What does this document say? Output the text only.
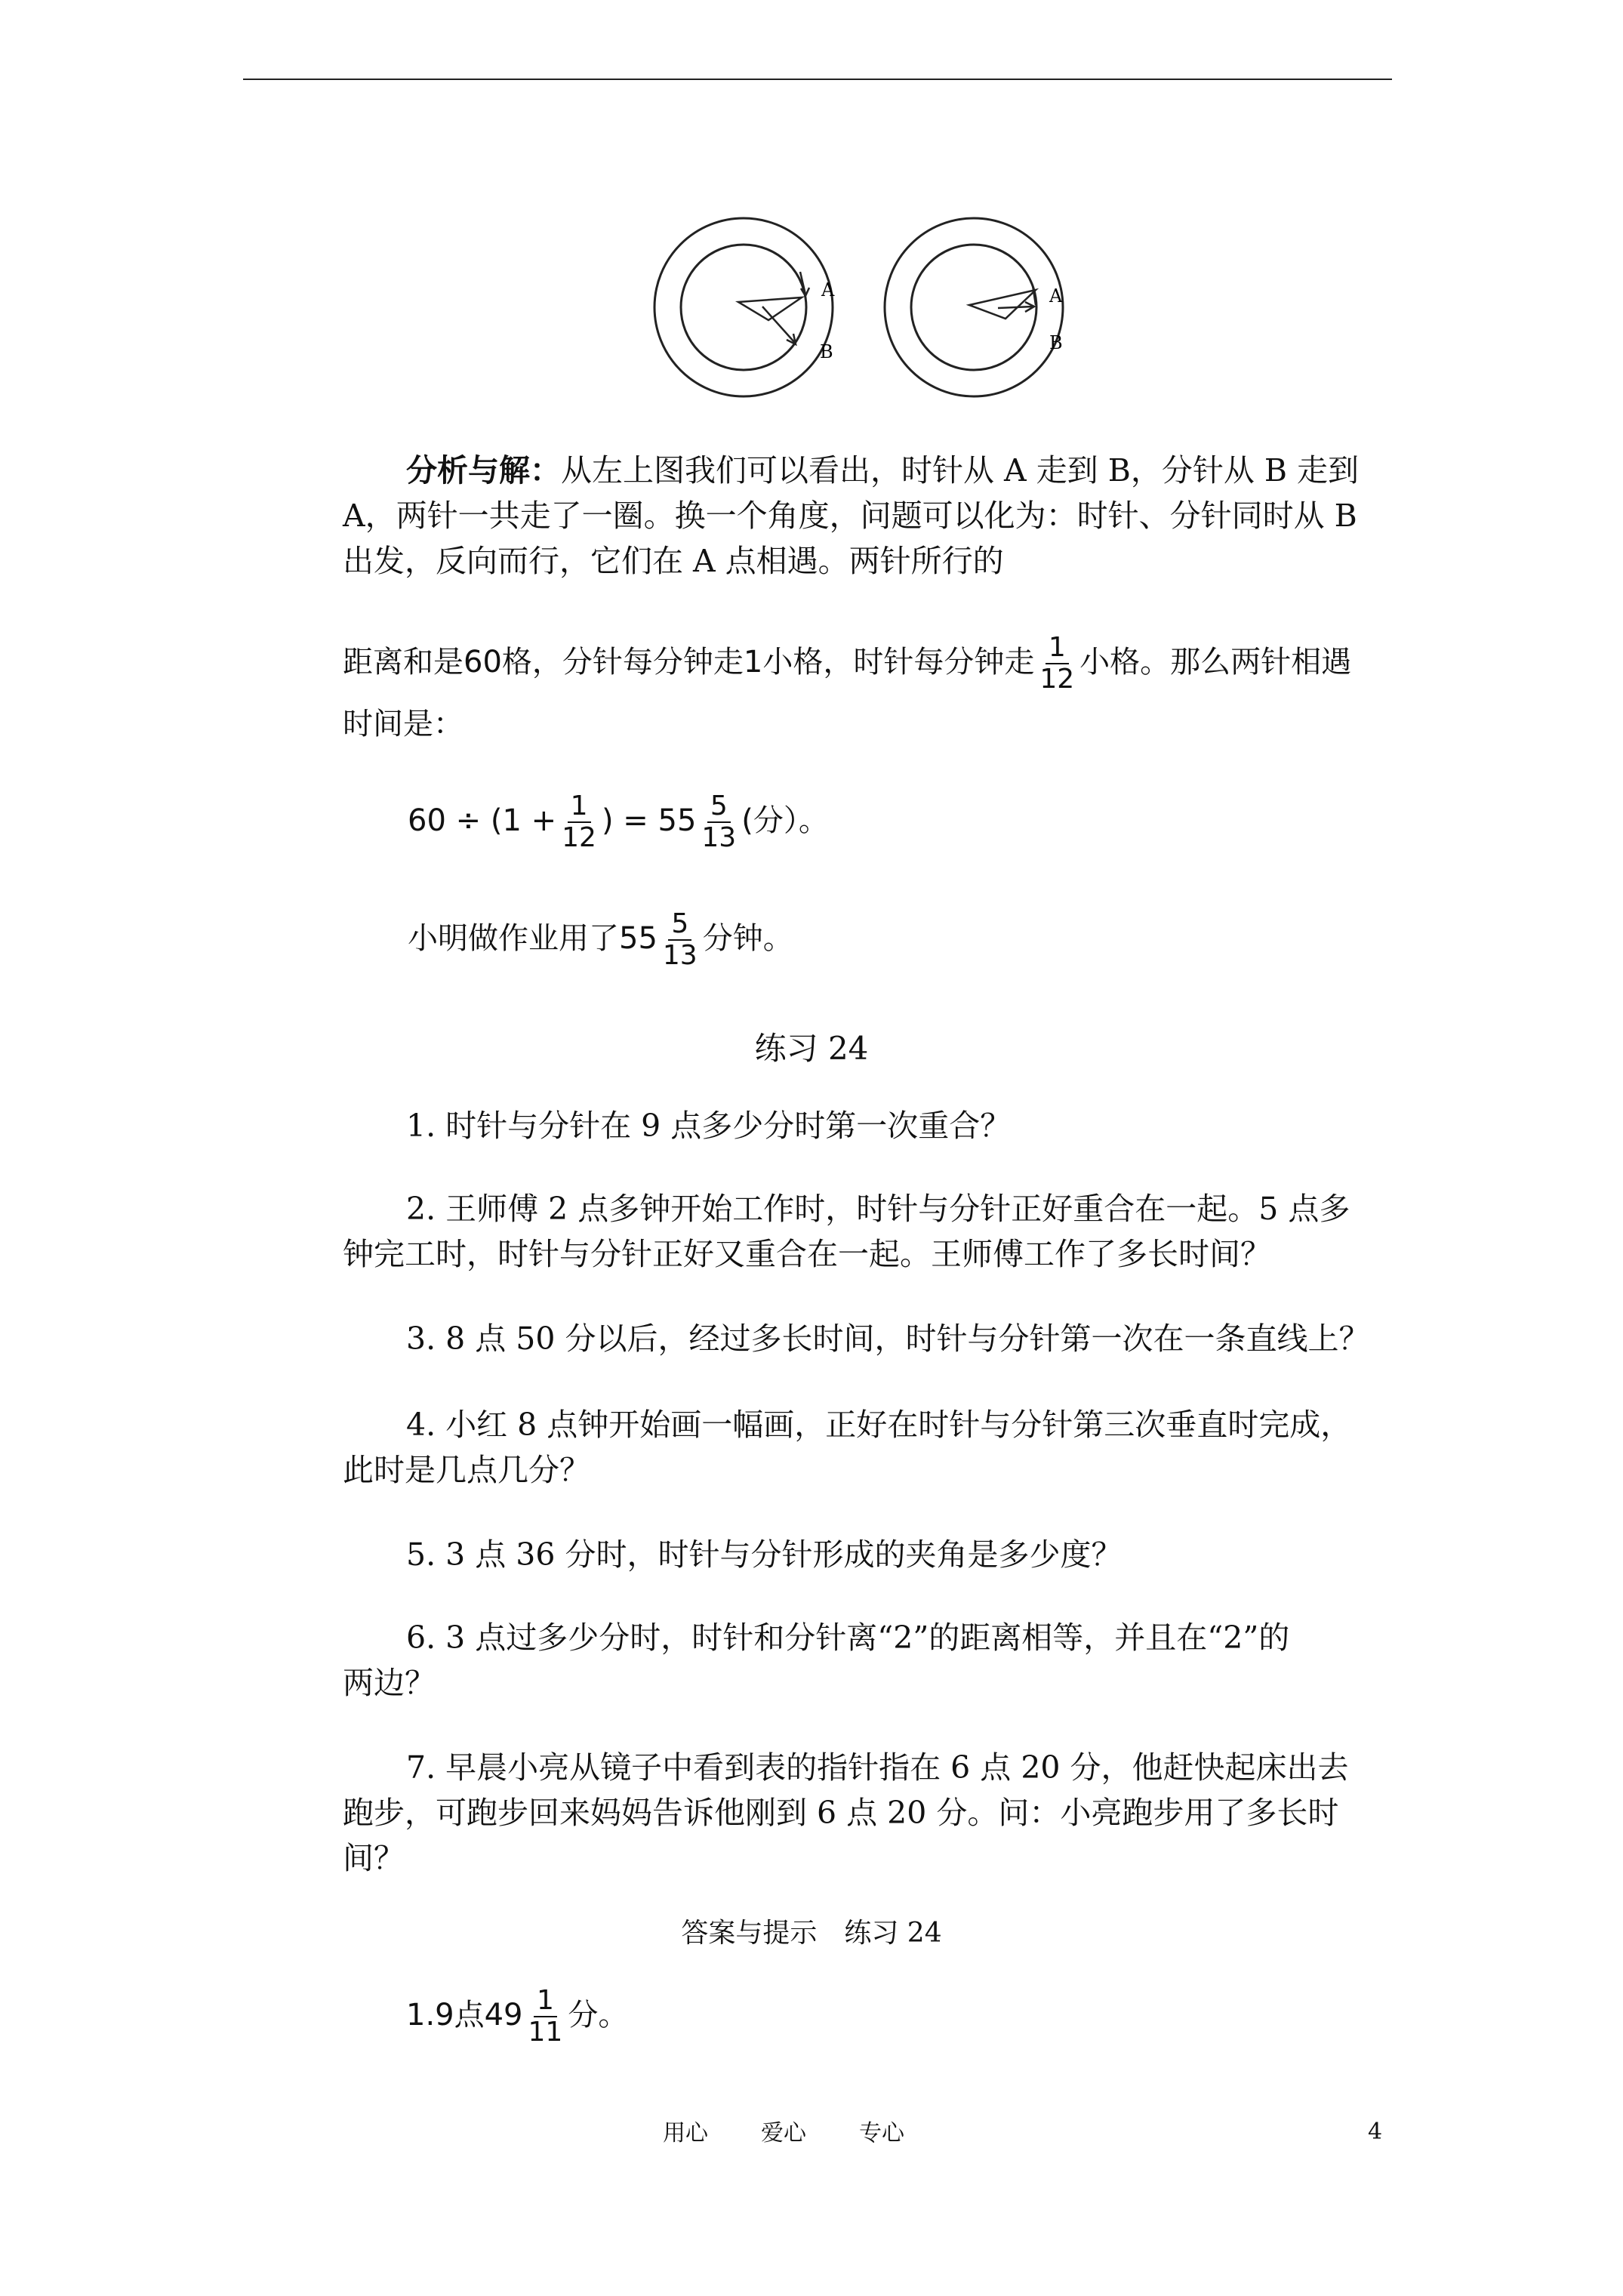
A
B
A
B

分析与解：从左上图我们可以看出，时针从 A 走到 B，分针从 B 走到

A，两针一共走了一圈。换一个角度，问题可以化为：时针、分针同时从 B

出发，反向而行，它们在 A 点相遇。两针所行的

距离和是60格，分针每分钟走1小格，时针每分钟走 $\frac{1}{12}$ 小格。那么两针相遇

时间是：

$60 \div (1 + \frac{1}{12}$ ) = $55 \frac{5}{13}$ (分）。

小明做作业用了$55 \frac{5}{13}$ 分钟。

练习 24

1. 时针与分针在 9 点多少分时第一次重合？

2. 王师傅 2 点多钟开始工作时，时针与分针正好重合在一起。5 点多

钟完工时，时针与分针正好又重合在一起。王师傅工作了多长时间？

3. 8 点 50 分以后，经过多长时间，时针与分针第一次在一条直线上？

4. 小红 8 点钟开始画一幅画，正好在时针与分针第三次垂直时完成，

此时是几点几分？

5. 3 点 36 分时，时针与分针形成的夹角是多少度？

6. 3 点过多少分时，时针和分针离“2”的距离相等，并且在“2”的

两边？

7. 早晨小亮从镜子中看到表的指针指在 6 点 20 分，他赶快起床出去

跑步，可跑步回来妈妈告诉他刚到 6 点 20 分。问：小亮跑步用了多长时

间？

答案与提示　练习 24

1.9点$49 \frac{1}{11}$ 分。

用心 爱心 专心	4
